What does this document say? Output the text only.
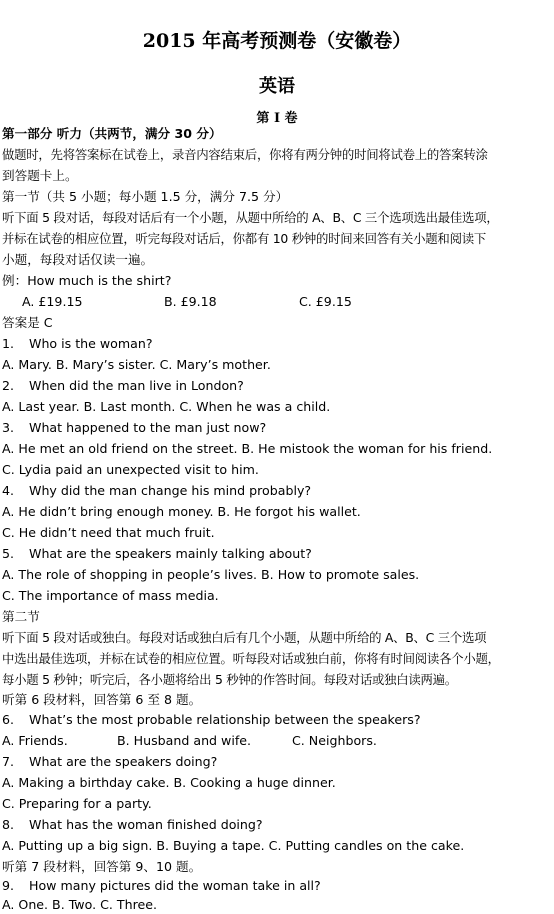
2015 年高考预测卷（安徽卷）
英语
第 I 卷
第一部分 听力（共两节，满分 30 分）
做题时，先将答案标在试卷上，录音内容结束后，你将有两分钟的时间将试卷上的答案转涂
到答题卡上。
第一节（共 5 小题；每小题 1.5 分，满分 7.5 分）
听下面 5 段对话，每段对话后有一个小题，从题中所给的 A、B、C 三个选项选出最佳选项，
并标在试卷的相应位置，听完每段对话后，你都有 10 秒钟的时间来回答有关小题和阅读下
小题，每段对话仅读一遍。
例：How much is the shirt?
A. £19.15	B. £9.18	C. £9.15
答案是 C
1. Who is the woman?
A. Mary. B. Mary’s sister. C. Mary’s mother.
2. When did the man live in London?
A. Last year. B. Last month. C. When he was a child.
3. What happened to the man just now?
A. He met an old friend on the street. B. He mistook the woman for his friend.
C. Lydia paid an unexpected visit to him.
4. Why did the man change his mind probably?
A. He didn’t bring enough money. B. He forgot his wallet.
C. He didn’t need that much fruit.
5. What are the speakers mainly talking about?
A. The role of shopping in people’s lives. B. How to promote sales.
C. The importance of mass media.
第二节
听下面 5 段对话或独白。每段对话或独白后有几个小题，从题中所给的 A、B、C 三个选项
中选出最佳选项，并标在试卷的相应位置。听每段对话或独白前，你将有时间阅读各个小题，
每小题 5 秒钟；听完后，各小题将给出 5 秒钟的作答时间。每段对话或独白读两遍。
听第 6 段材料，回答第 6 至 8 题。
6. What’s the most probable relationship between the speakers?
A. Friends.	B. Husband and wife.	C. Neighbors.
7. What are the speakers doing?
A. Making a birthday cake. B. Cooking a huge dinner.
C. Preparing for a party.
8. What has the woman finished doing?
A. Putting up a big sign. B. Buying a tape. C. Putting candles on the cake.
听第 7 段材料，回答第 9、10 题。
9. How many pictures did the woman take in all?
A. One. B. Two. C. Three.
